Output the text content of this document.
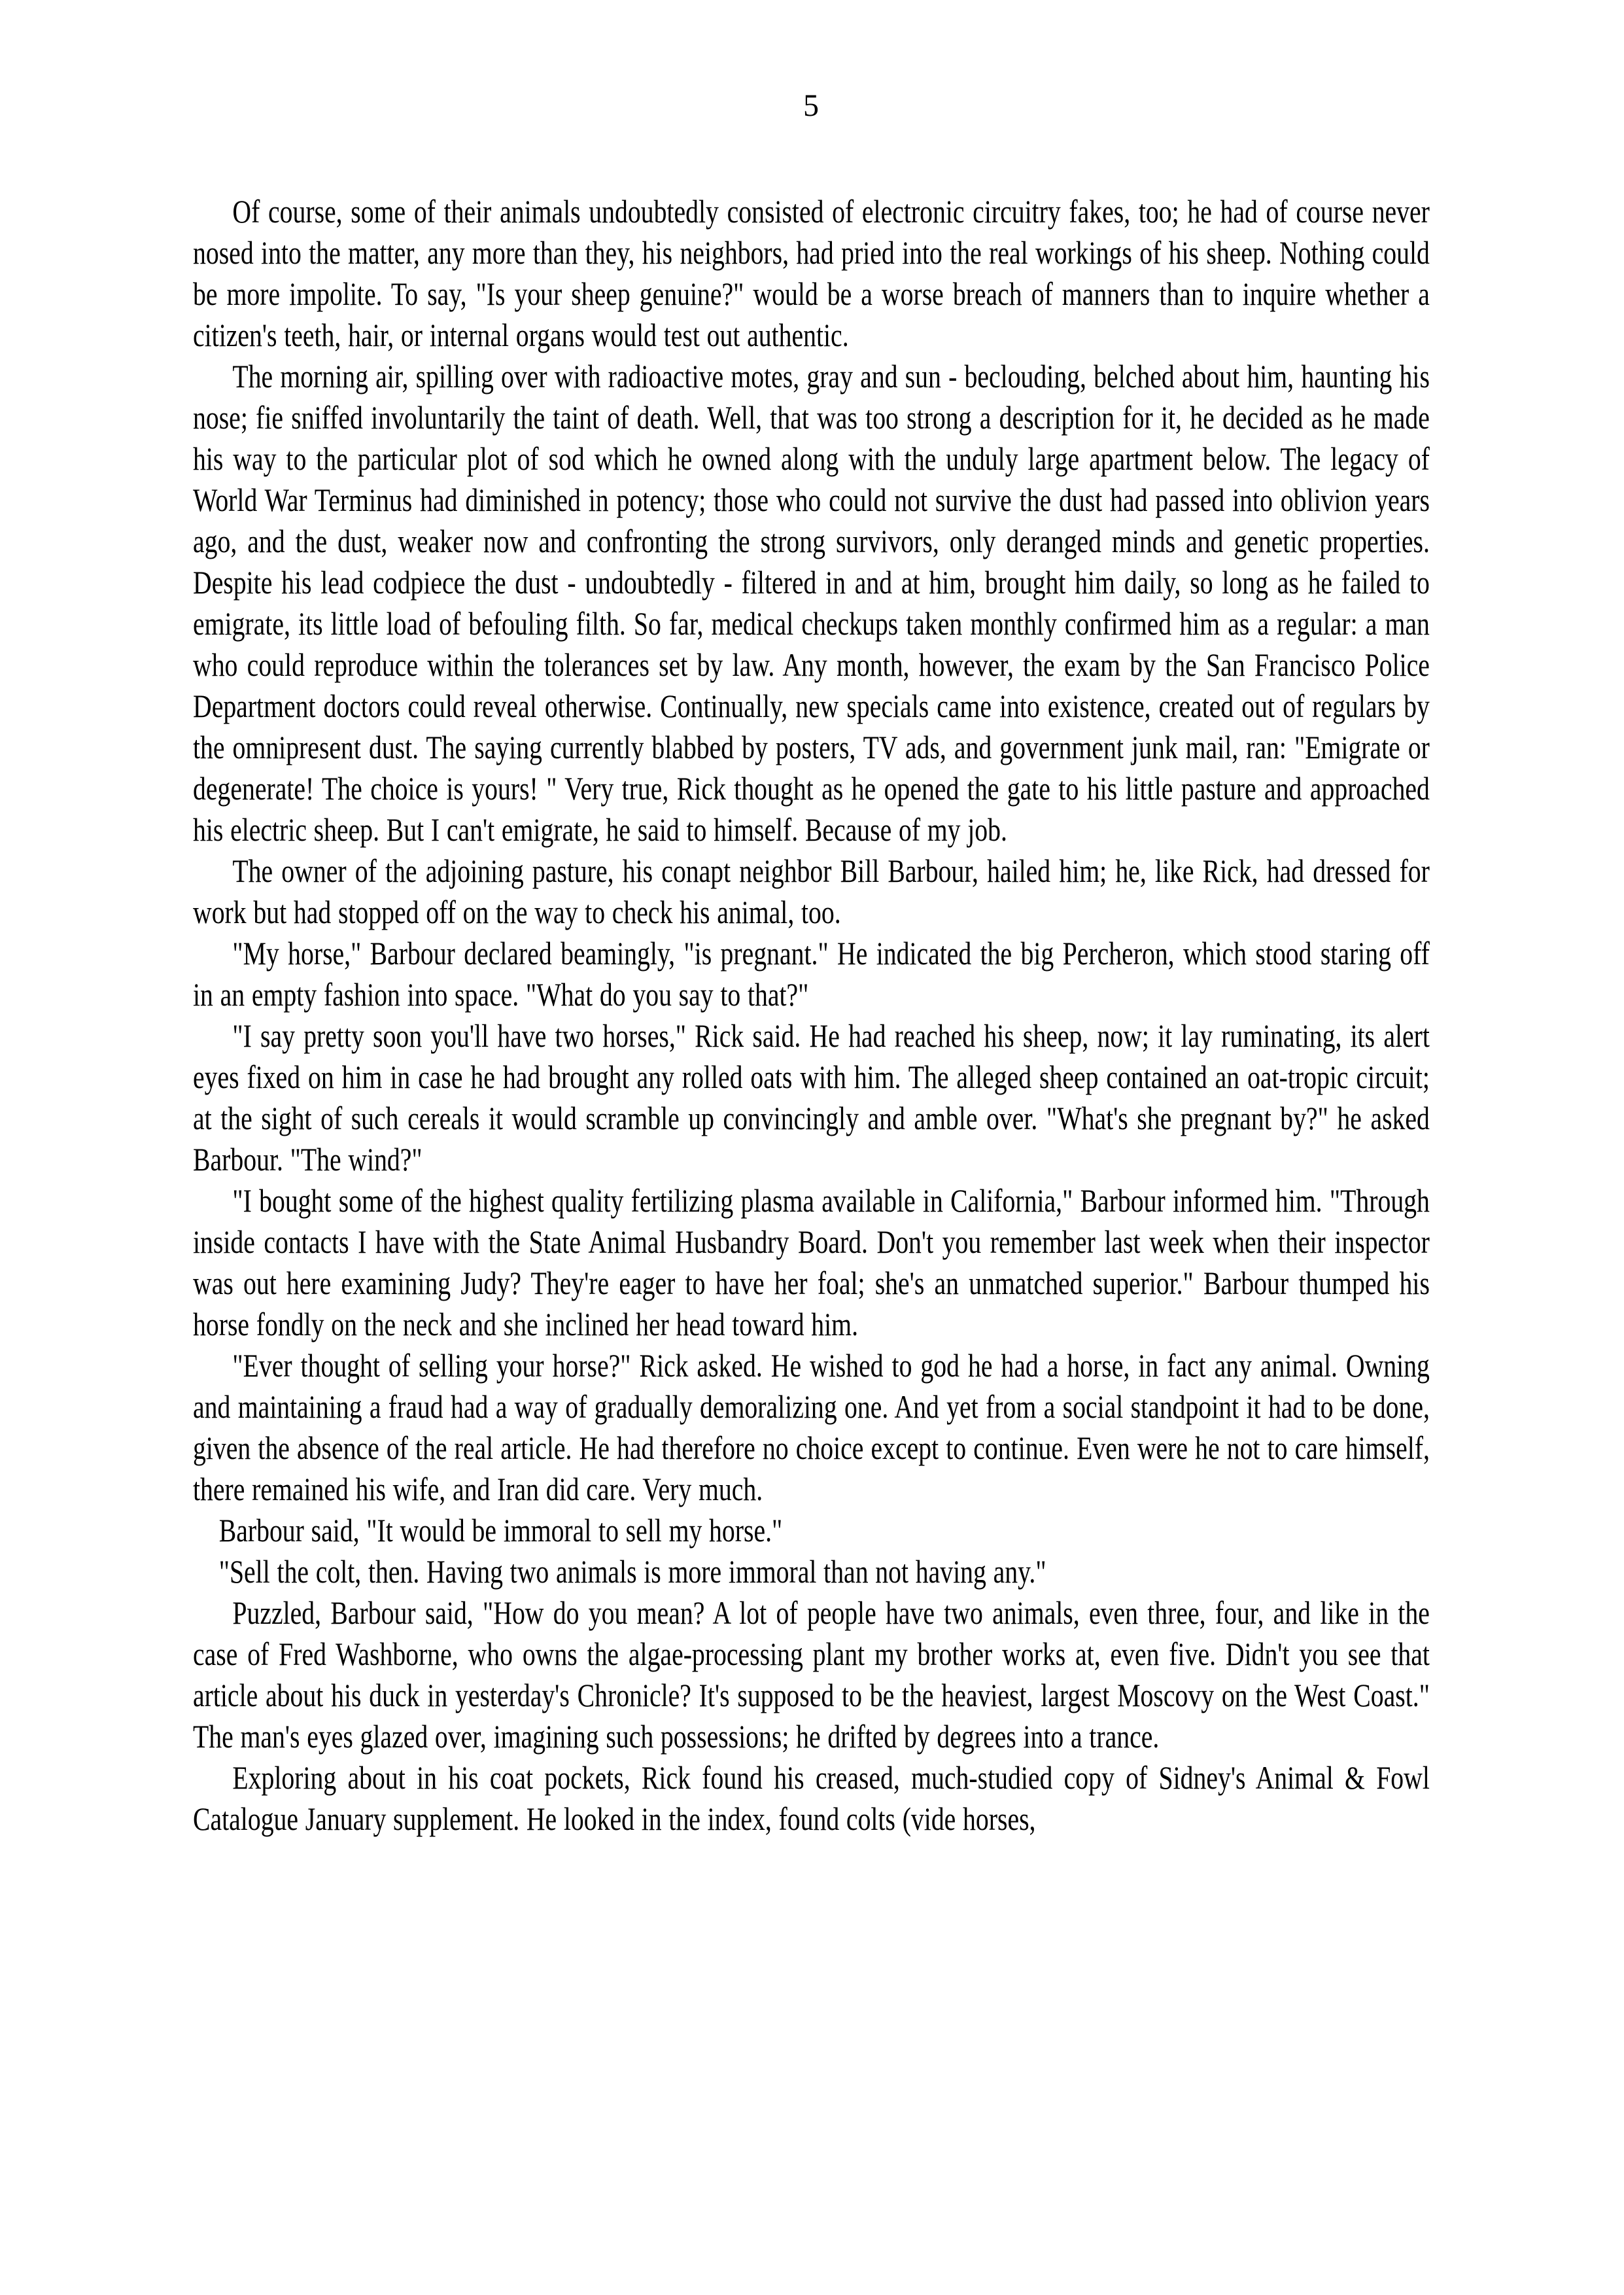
5

Of course, some of their animals undoubtedly consisted of electronic circuitry fakes, too; he had of course never nosed into the matter, any more than they, his neighbors, had pried into the real workings of his sheep. Nothing could be more impolite. To say, "Is your sheep genuine?" would be a worse breach of manners than to inquire whether a citizen's teeth, hair, or internal organs would test out authentic.

The morning air, spilling over with radioactive motes, gray and sun - beclouding, belched about him, haunting his nose; fie sniffed involuntarily the taint of death. Well, that was too strong a description for it, he decided as he made his way to the particular plot of sod which he owned along with the unduly large apartment below. The legacy of World War Terminus had diminished in potency; those who could not survive the dust had passed into oblivion years ago, and the dust, weaker now and confronting the strong survivors, only deranged minds and genetic properties. Despite his lead codpiece the dust - undoubtedly - filtered in and at him, brought him daily, so long as he failed to emigrate, its little load of befouling filth. So far, medical checkups taken monthly confirmed him as a regular: a man who could reproduce within the tolerances set by law. Any month, however, the exam by the San Francisco Police Department doctors could reveal otherwise. Continually, new specials came into existence, created out of regulars by the omnipresent dust. The saying currently blabbed by posters, TV ads, and government junk mail, ran: "Emigrate or degenerate! The choice is yours! " Very true, Rick thought as he opened the gate to his little pasture and approached his electric sheep. But I can't emigrate, he said to himself. Because of my job.

The owner of the adjoining pasture, his conapt neighbor Bill Barbour, hailed him; he, like Rick, had dressed for work but had stopped off on the way to check his animal, too.

"My horse," Barbour declared beamingly, "is pregnant." He indicated the big Percheron, which stood staring off in an empty fashion into space. "What do you say to that?"

"I say pretty soon you'll have two horses," Rick said. He had reached his sheep, now; it lay ruminating, its alert eyes fixed on him in case he had brought any rolled oats with him. The alleged sheep contained an oat-tropic circuit; at the sight of such cereals it would scramble up convincingly and amble over. "What's she pregnant by?" he asked Barbour. "The wind?"

"I bought some of the highest quality fertilizing plasma available in California," Barbour informed him. "Through inside contacts I have with the State Animal Husbandry Board. Don't you remember last week when their inspector was out here examining Judy? They're eager to have her foal; she's an unmatched superior." Barbour thumped his horse fondly on the neck and she inclined her head toward him.

"Ever thought of selling your horse?" Rick asked. He wished to god he had a horse, in fact any animal. Owning and maintaining a fraud had a way of gradually demoralizing one. And yet from a social standpoint it had to be done, given the absence of the real article. He had therefore no choice except to continue. Even were he not to care himself, there remained his wife, and Iran did care. Very much.

Barbour said, "It would be immoral to sell my horse."

"Sell the colt, then. Having two animals is more immoral than not having any."

Puzzled, Barbour said, "How do you mean? A lot of people have two animals, even three, four, and like in the case of Fred Washborne, who owns the algae-processing plant my brother works at, even five. Didn't you see that article about his duck in yesterday's Chronicle? It's supposed to be the heaviest, largest Moscovy on the West Coast." The man's eyes glazed over, imagining such possessions; he drifted by degrees into a trance.

Exploring about in his coat pockets, Rick found his creased, much-studied copy of Sidney's Animal & Fowl Catalogue January supplement. He looked in the index, found colts (vide horses,
